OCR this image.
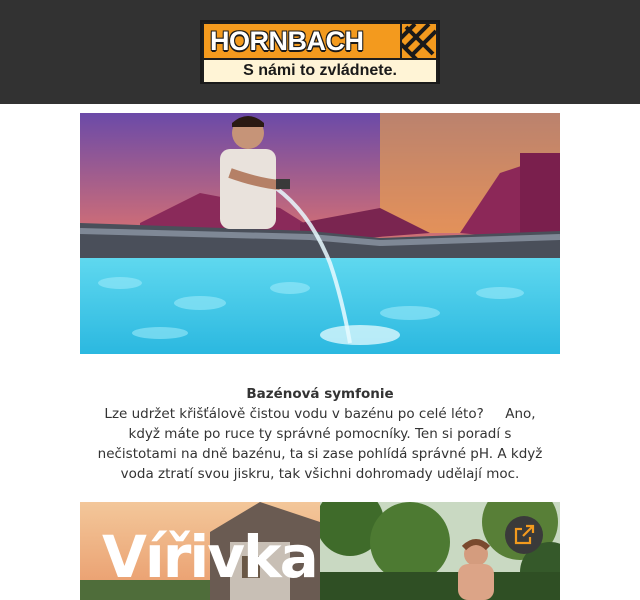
HORNBACH
S námi to zvládnete.
Bazénová symfonie
Lze udržet křišťálově čistou vodu v bazénu po celé léto?     Ano, když máte po ruce ty správné pomocníky. Ten si poradí s nečistotami na dně bazénu, ta si zase pohlídá správné pH. A když voda ztratí svou jiskru, tak všichni dohromady udělají moc.
Vířivka
